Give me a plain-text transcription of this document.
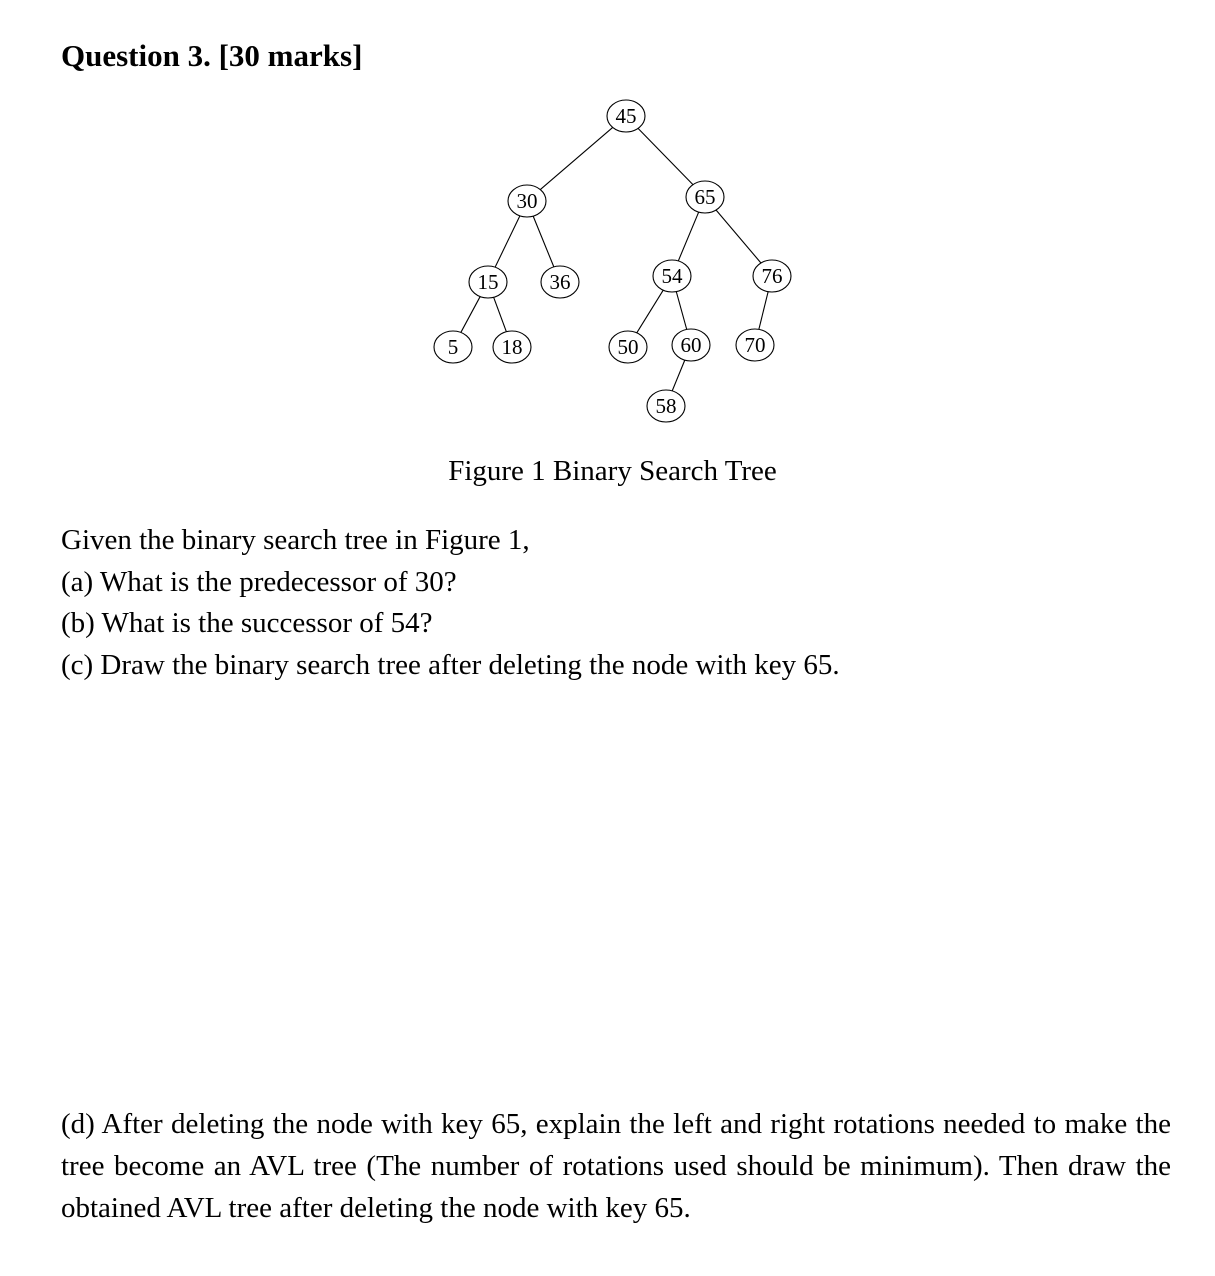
Question 3. [30 marks]
45
30	65
15 36	54	76
5 18	50 60 70
58

Figure 1 Binary Search Tree

Given the binary search tree in Figure 1,

(a) What is the predecessor of 30?

(b) What is the successor of 54?

(c) Draw the binary search tree after deleting the node with key 65.

(d) After deleting the node with key 65, explain the left and right rotations needed to make the tree become an AVL tree (The number of rotations used should be minimum). Then draw the obtained AVL tree after deleting the node with key 65.
